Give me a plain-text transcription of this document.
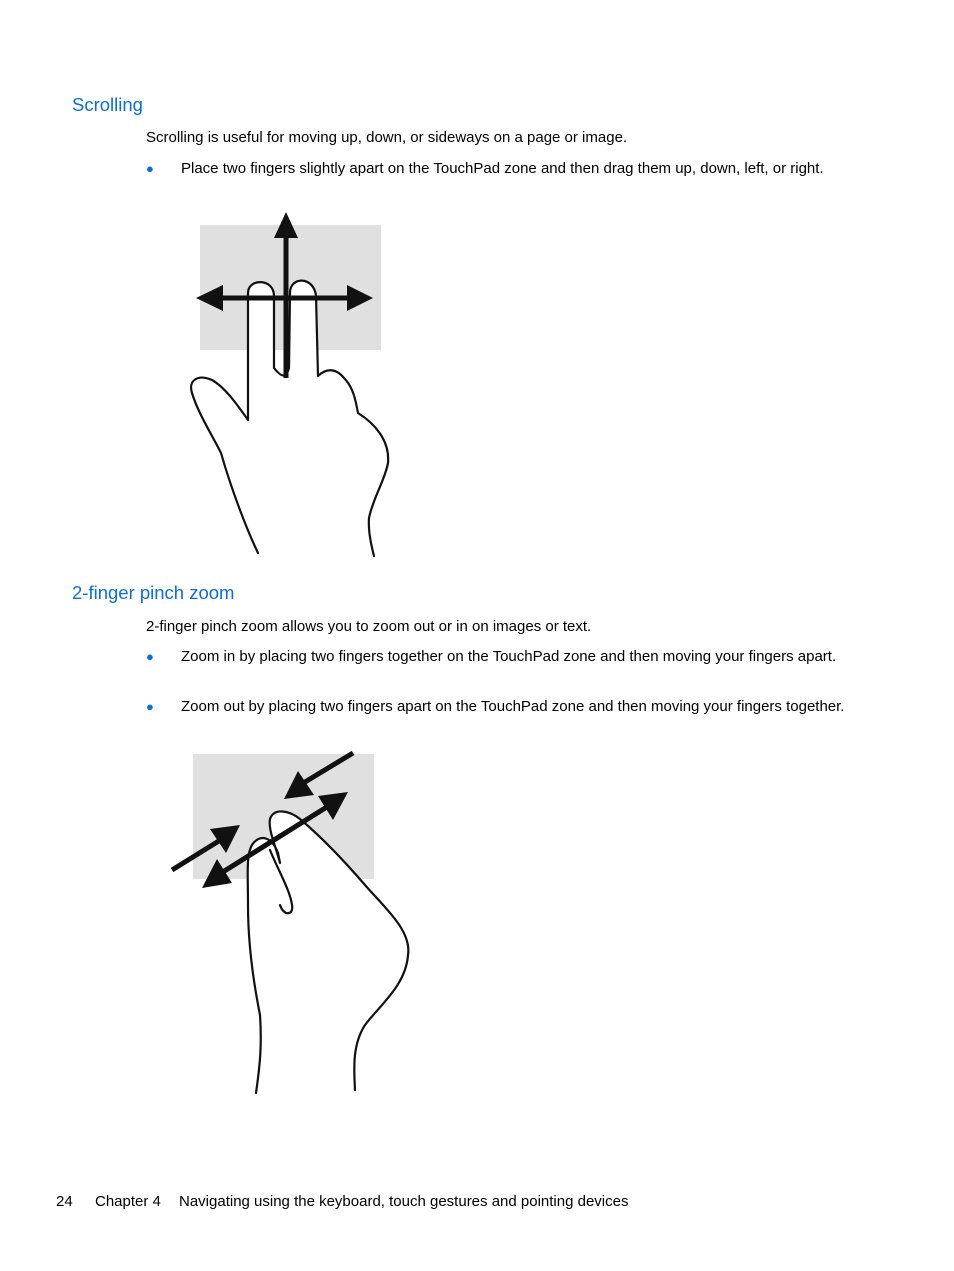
Scrolling

Scrolling is useful for moving up, down, or sideways on a page or image.

● Place two fingers slightly apart on the TouchPad zone and then drag them up, down, left, or right.
2-finger pinch zoom

2-finger pinch zoom allows you to zoom out or in on images or text.

● Zoom in by placing two fingers together on the TouchPad zone and then moving your fingers apart.
● Zoom out by placing two fingers apart on the TouchPad zone and then moving your fingers together.
24 Chapter 4 Navigating using the keyboard, touch gestures and pointing devices
